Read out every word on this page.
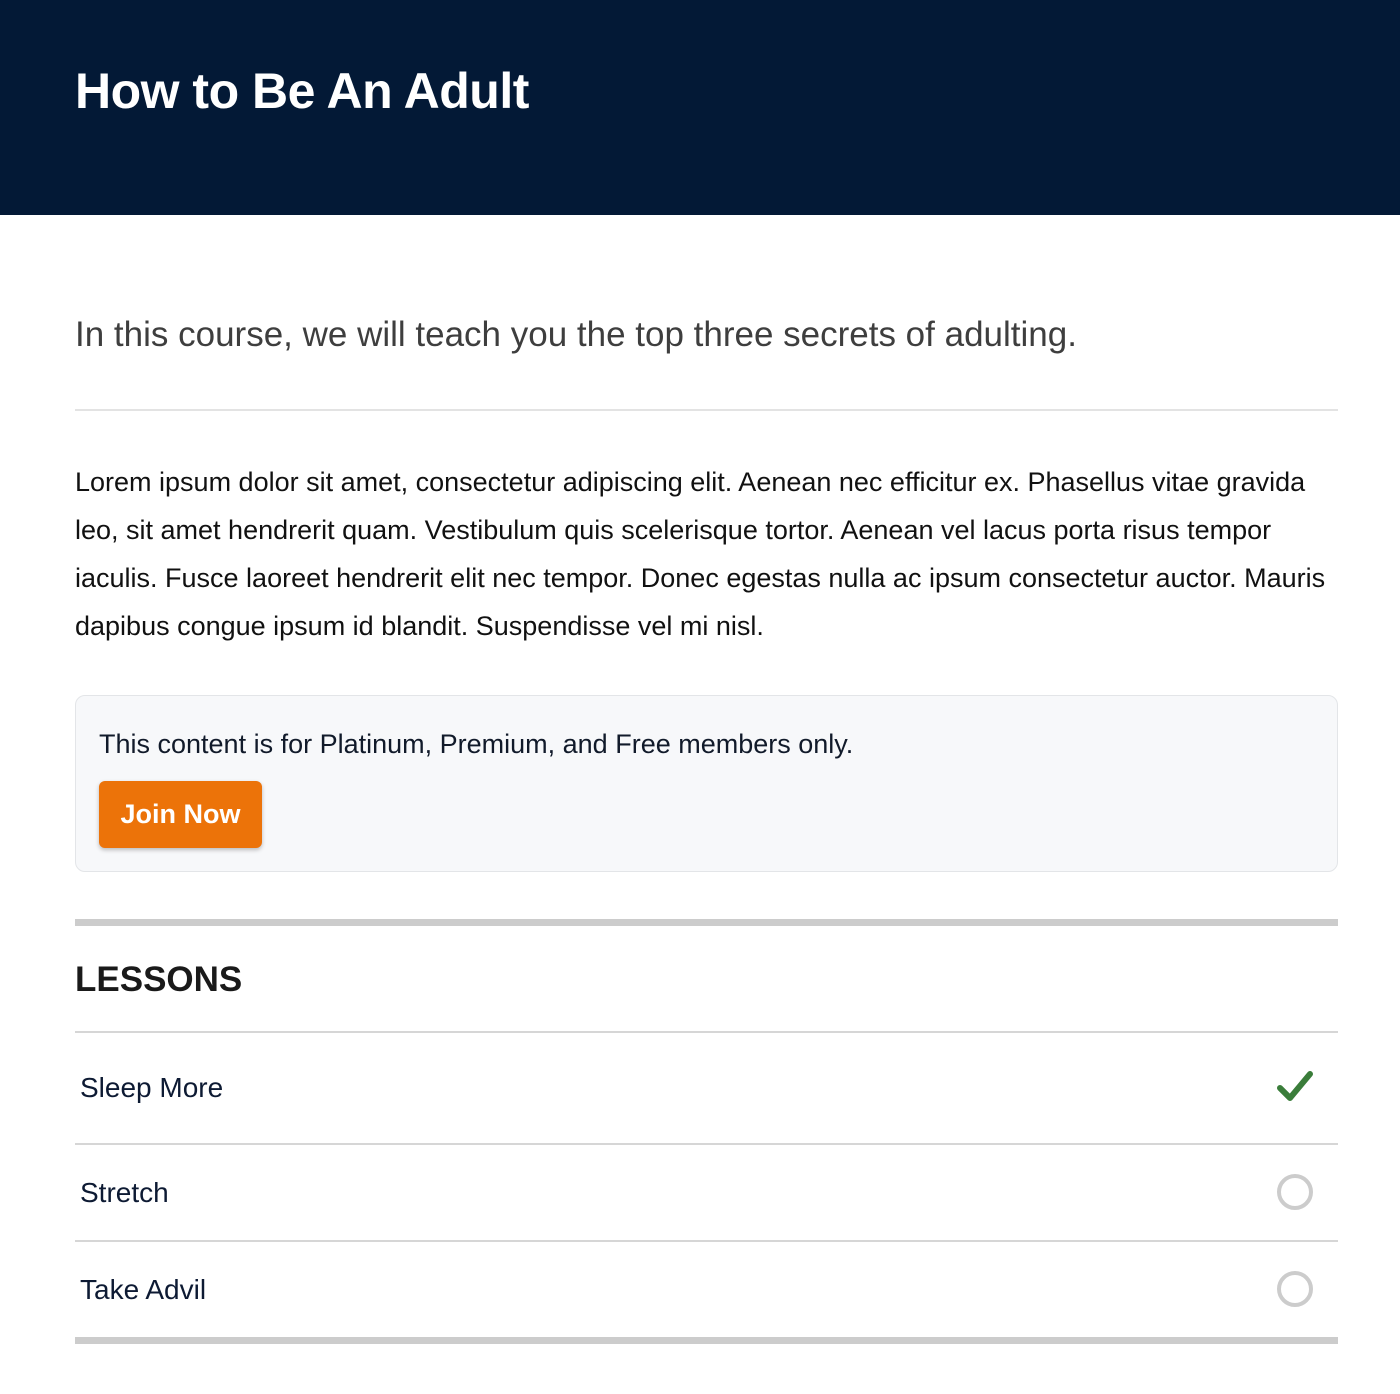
How to Be An Adult

In this course, we will teach you the top three secrets of adulting.

Lorem ipsum dolor sit amet, consectetur adipiscing elit. Aenean nec efficitur ex. Phasellus vitae gravida leo, sit amet hendrerit quam. Vestibulum quis scelerisque tortor. Aenean vel lacus porta risus tempor iaculis. Fusce laoreet hendrerit elit nec tempor. Donec egestas nulla ac ipsum consectetur auctor. Mauris dapibus congue ipsum id blandit. Suspendisse vel mi nisl.

This content is for Platinum, Premium, and Free members only.

Join Now
LESSONS
Sleep More
Stretch
Take Advil
